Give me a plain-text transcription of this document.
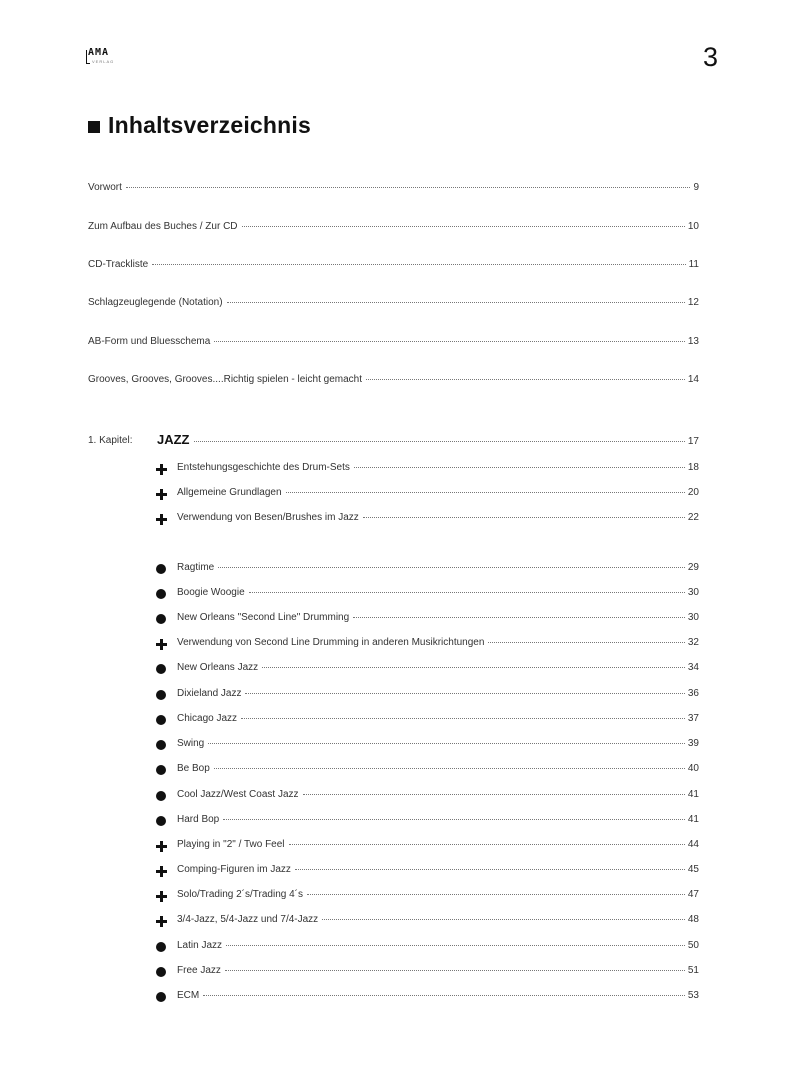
AMA
VERLAG	3
Inhaltsverzeichnis
Vorwort	9
Zum Aufbau des Buches / Zur CD	10
CD-Trackliste	11
Schlagzeuglegende (Notation)	12
AB-Form und Bluesschema	13
Grooves, Grooves, Grooves....Richtig spielen - leicht gemacht	14
1. Kapitel: JAZZ	17
Entstehungsgeschichte des Drum-Sets	18
Allgemeine Grundlagen	20
Verwendung von Besen/Brushes im Jazz	22
Ragtime	29
Boogie Woogie	30
New Orleans "Second Line" Drumming	30
Verwendung von Second Line Drumming in anderen Musikrichtungen	32
New Orleans Jazz	34
Dixieland Jazz	36
Chicago Jazz	37
Swing	39
Be Bop	40
Cool Jazz/West Coast Jazz	41
Hard Bop	41
Playing in "2" / Two Feel	44
Comping-Figuren im Jazz	45
Solo/Trading 2´s/Trading 4´s	47
3/4-Jazz, 5/4-Jazz und 7/4-Jazz	48
Latin Jazz	50
Free Jazz	51
ECM	53
